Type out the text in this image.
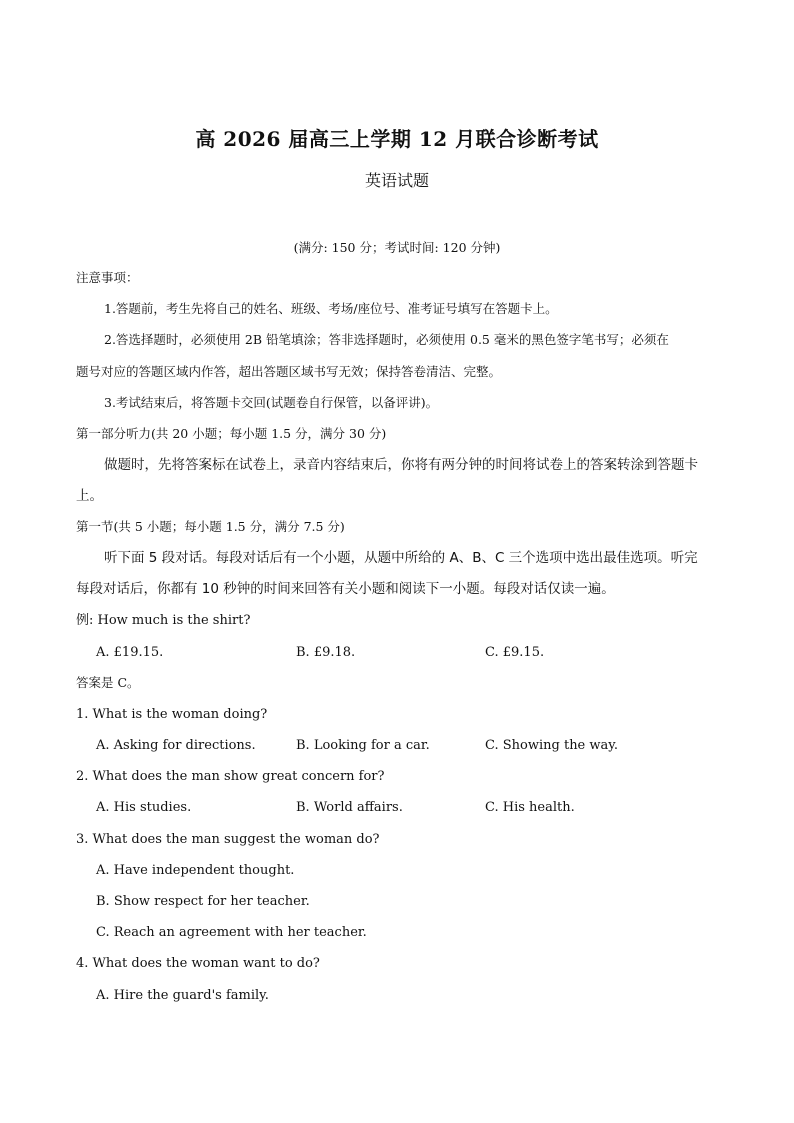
高 2026 届高三上学期 12 月联合诊断考试
英语试题
(满分: 150 分；考试时间: 120 分钟)
注意事项：
1.答题前，考生先将自己的姓名、班级、考场/座位号、准考证号填写在答题卡上。
2.答选择题时，必须使用 2B 铅笔填涂；答非选择题时，必须使用 0.5 毫米的黑色签字笔书写；必须在
题号对应的答题区域内作答，超出答题区域书写无效；保持答卷清洁、完整。
3.考试结束后，将答题卡交回(试题卷自行保管，以备评讲)。
第一部分听力(共 20 小题；每小题 1.5 分，满分 30 分)
做题时，先将答案标在试卷上，录音内容结束后，你将有两分钟的时间将试卷上的答案转涂到答题卡
上。
第一节(共 5 小题；每小题 1.5 分，满分 7.5 分)
听下面 5 段对话。每段对话后有一个小题，从题中所给的 A、B、C 三个选项中选出最佳选项。听完
每段对话后，你都有 10 秒钟的时间来回答有关小题和阅读下一小题。每段对话仅读一遍。
例: How much is the shirt?
A. £19.15.	B. £9.18.	C. £9.15.
答案是 C。
1. What is the woman doing?
A. Asking for directions.	B. Looking for a car.	C. Showing the way.
2. What does the man show great concern for?
A. His studies.	B. World affairs.	C. His health.
3. What does the man suggest the woman do?
A. Have independent thought.
B. Show respect for her teacher.
C. Reach an agreement with her teacher.
4. What does the woman want to do?
A. Hire the guard's family.
